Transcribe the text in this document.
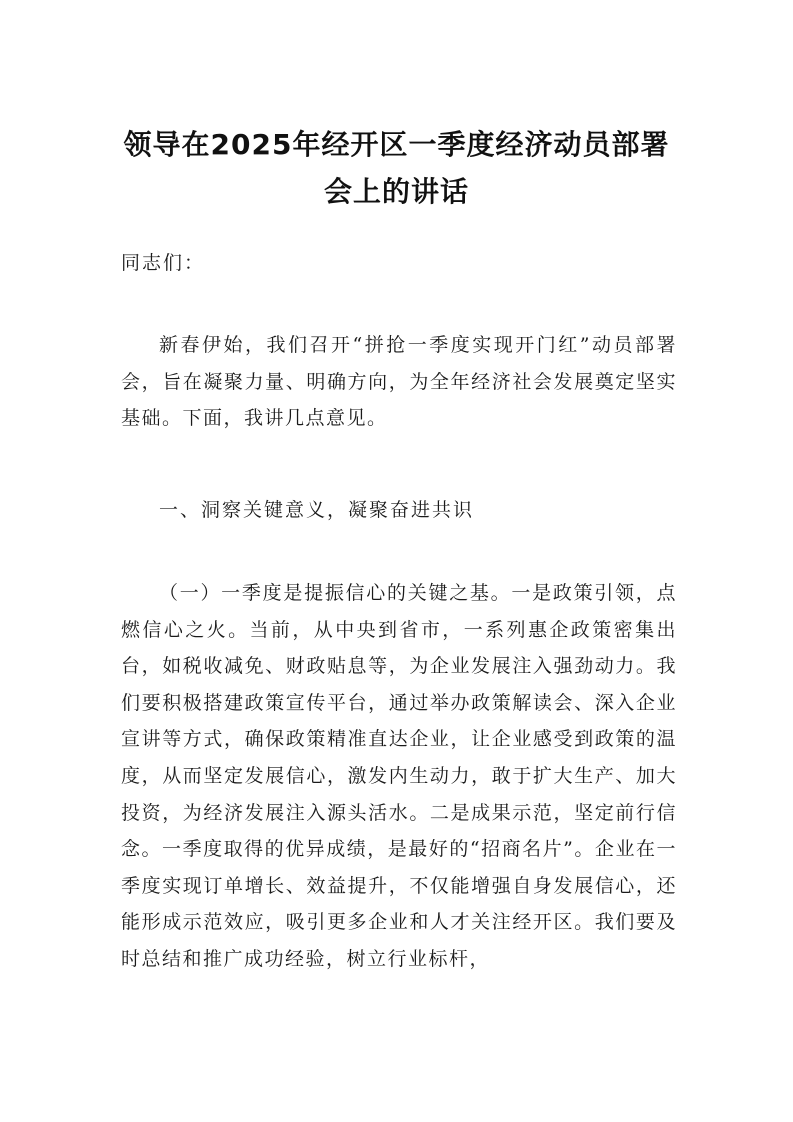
领导在2025年经开区一季度经济动员部署
会上的讲话

同志们：

新春伊始，我们召开“拼抢一季度实现开门红”动员部署会，旨在凝聚力量、明确方向，为全年经济社会发展奠定坚实基础。下面，我讲几点意见。

一、洞察关键意义，凝聚奋进共识

（一）一季度是提振信心的关键之基。一是政策引领，点燃信心之火。当前，从中央到省市，一系列惠企政策密集出台，如税收减免、财政贴息等，为企业发展注入强劲动力。我们要积极搭建政策宣传平台，通过举办政策解读会、深入企业宣讲等方式，确保政策精准直达企业，让企业感受到政策的温度，从而坚定发展信心，激发内生动力，敢于扩大生产、加大投资，为经济发展注入源头活水。二是成果示范，坚定前行信念。一季度取得的优异成绩，是最好的“招商名片”。企业在一季度实现订单增长、效益提升，不仅能增强自身发展信心，还能形成示范效应，吸引更多企业和人才关注经开区。我们要及时总结和推广成功经验，树立行业标杆，
